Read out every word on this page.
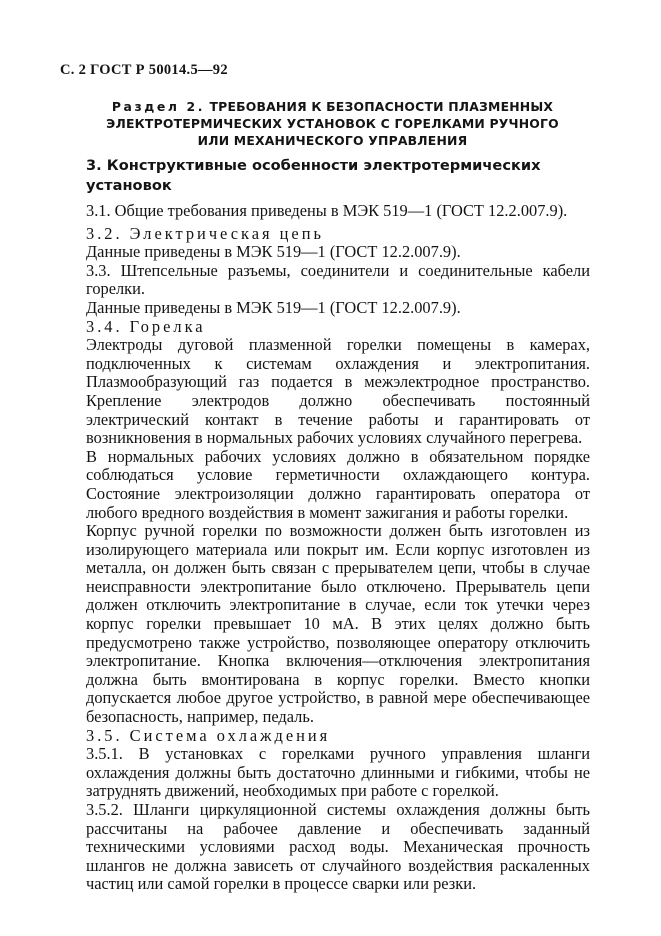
С. 2 ГОСТ Р 50014.5—92
Раздел 2. ТРЕБОВАНИЯ К БЕЗОПАСНОСТИ ПЛАЗМЕННЫХ
ЭЛЕКТРОТЕРМИЧЕСКИХ УСТАНОВОК С ГОРЕЛКАМИ РУЧНОГО
ИЛИ МЕХАНИЧЕСКОГО УПРАВЛЕНИЯ
3. Конструктивные особенности электротермических установок

3.1. Общие требования приведены в МЭК 519—1 (ГОСТ 12.2.007.9).

3.2. Электрическая цепь

Данные приведены в МЭК 519—1 (ГОСТ 12.2.007.9).

3.3. Штепсельные разъемы, соединители и соединительные кабели горелки.

Данные приведены в МЭК 519—1 (ГОСТ 12.2.007.9).

3.4. Горелка

Электроды дуговой плазменной горелки помещены в камерах, подключенных к системам охлаждения и электропитания. Плазмообразующий газ подается в межэлектродное пространство. Крепление электродов должно обеспечивать постоянный электрический контакт в течение работы и гарантировать от возникновения в нормальных рабочих условиях случайного перегрева.

В нормальных рабочих условиях должно в обязательном порядке соблюдаться условие герметичности охлаждающего контура. Состояние электроизоляции должно гарантировать оператора от любого вредного воздействия в момент зажигания и работы горелки.

Корпус ручной горелки по возможности должен быть изготовлен из изолирующего материала или покрыт им. Если корпус изготовлен из металла, он должен быть связан с прерывателем цепи, чтобы в случае неисправности электропитание было отключено. Прерыватель цепи должен отключить электропитание в случае, если ток утечки через корпус горелки превышает 10 мА. В этих целях должно быть предусмотрено также устройство, позволяющее оператору отключить электропитание. Кнопка включения—отключения электропитания должна быть вмонтирована в корпус горелки. Вместо кнопки допускается любое другое устройство, в равной мере обеспечивающее безопасность, например, педаль.

3.5. Система охлаждения

3.5.1. В установках с горелками ручного управления шланги охлаждения должны быть достаточно длинными и гибкими, чтобы не затруднять движений, необходимых при работе с горелкой.

3.5.2. Шланги циркуляционной системы охлаждения должны быть рассчитаны на рабочее давление и обеспечивать заданный техническими условиями расход воды. Механическая прочность шлангов не должна зависеть от случайного воздействия раскаленных частиц или самой горелки в процессе сварки или резки.
